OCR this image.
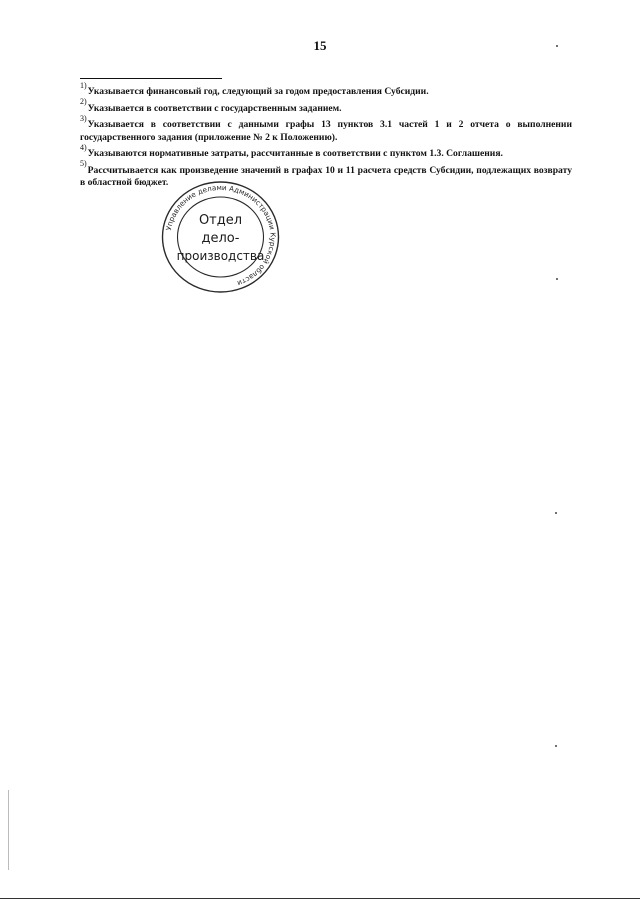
15

$^{1)}$Указывается финансовый год, следующий за годом предоставления Субсидии.

$^{2)}$Указывается в соответствии с государственным заданием.

$^{3)}$Указывается в соответствии с данными графы 13 пунктов 3.1 частей 1 и 2 отчета о выполнении государственного задания (приложение № 2 к Положению).

$^{4)}$Указываются нормативные затраты, рассчитанные в соответствии с пунктом 1.3. Соглашения.

$^{5)}$Рассчитывается как произведение значений в графах 10 и 11 расчета средств Субсидии, подлежащих возврату в областной бюджет.

Управление делами Администрации Курской области
Отдел
дело-
производства
